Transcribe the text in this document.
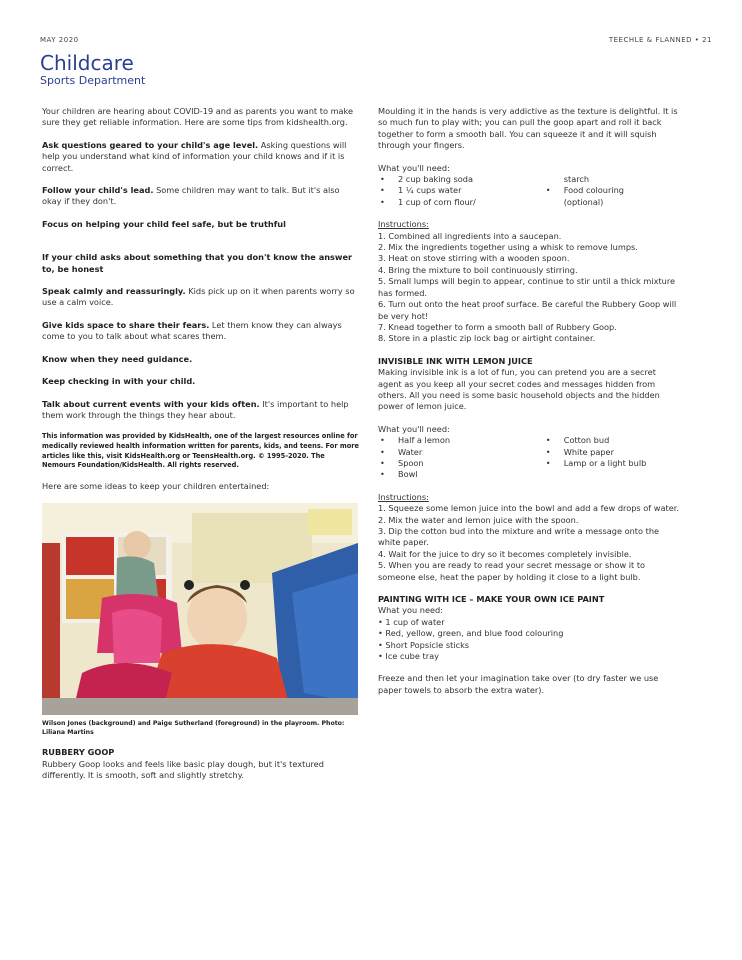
MAY 2020	TEECHLE & FLANNED • 21
Childcare
Sports Department

Your children are hearing about COVID-19 and as parents you want to make sure they get reliable information. Here are some tips from kidshealth.org.

Ask questions geared to your child's age level. Asking questions will help you understand what kind of information your child knows and if it is correct.

Follow your child's lead. Some children may want to talk. But it's also okay if they don't.

Focus on helping your child feel safe, but be truthful

If your child asks about something that you don't know the answer to, be honest

Speak calmly and reassuringly. Kids pick up on it when parents worry so use a calm voice.

Give kids space to share their fears. Let them know they can always come to you to talk about what scares them.

Know when they need guidance.

Keep checking in with your child.

Talk about current events with your kids often. It's important to help them work through the things they hear about.

This information was provided by KidsHealth, one of the largest resources online for medically reviewed health information written for parents, kids, and teens. For more articles like this, visit KidsHealth.org or TeensHealth.org. © 1995-2020. The Nemours Foundation/KidsHealth. All rights reserved.

Here are some ideas to keep your children entertained:

Wilson Jones (background) and Paige Sutherland (foreground) in the playroom. Photo: Liliana Martins
RUBBERY GOOP

Rubbery Goop looks and feels like basic play dough, but it's textured differently. It is smooth, soft and slightly stretchy.

Moulding it in the hands is very addictive as the texture is delightful. It is so much fun to play with; you can pull the goop apart and roll it back together to form a smooth ball. You can squeeze it and it will squish through your fingers.

What you'll need:
• 2 cup baking soda
• 1 ¼ cups water
• 1 cup of corn flour/
starch
• Food colouring
(optional)
Instructions:
1. Combined all ingredients into a saucepan.
2. Mix the ingredients together using a whisk to remove lumps.
3. Heat on stove stirring with a wooden spoon.
4. Bring the mixture to boil continuously stirring.
5. Small lumps will begin to appear, continue to stir until a thick mixture has formed.
6. Turn out onto the heat proof surface. Be careful the Rubbery Goop will be very hot!
7. Knead together to form a smooth ball of Rubbery Goop.
8. Store in a plastic zip lock bag or airtight container.
INVISIBLE INK WITH LEMON JUICE

Making invisible ink is a lot of fun, you can pretend you are a secret agent as you keep all your secret codes and messages hidden from others. All you need is some basic household objects and the hidden power of lemon juice.

What you'll need:
• Half a lemon
• Water
• Spoon
• Bowl
• Cotton bud
• White paper
• Lamp or a light bulb
Instructions:
1. Squeeze some lemon juice into the bowl and add a few drops of water.
2. Mix the water and lemon juice with the spoon.
3. Dip the cotton bud into the mixture and write a message onto the white paper.
4. Wait for the juice to dry so it becomes completely invisible.
5. When you are ready to read your secret message or show it to someone else, heat the paper by holding it close to a light bulb.
PAINTING WITH ICE – MAKE YOUR OWN ICE PAINT
What you need:
• 1 cup of water
• Red, yellow, green, and blue food colouring
• Short Popsicle sticks
• Ice cube tray

Freeze and then let your imagination take over (to dry faster we use paper towels to absorb the extra water).
